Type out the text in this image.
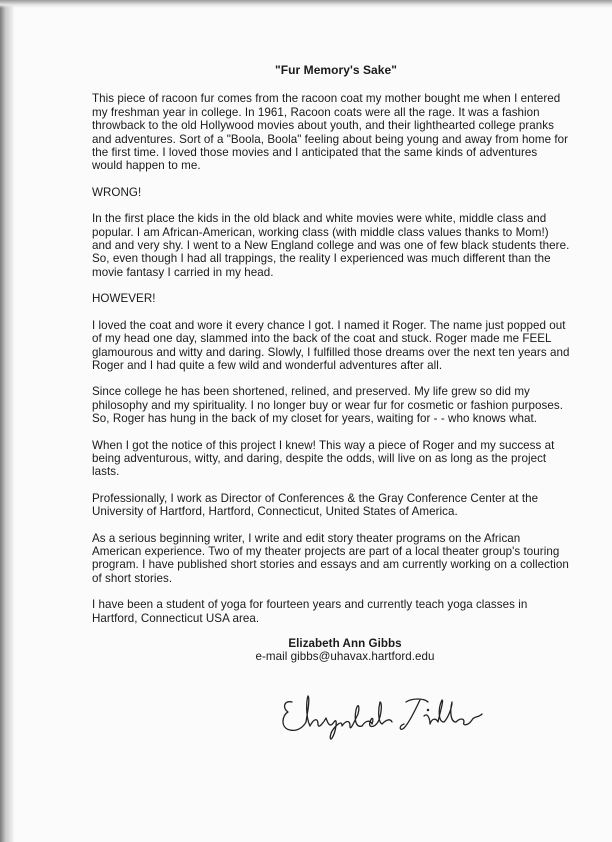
"Fur Memory's Sake"

This piece of racoon fur comes from the racoon coat my mother bought me when I entered my freshman year in college. In 1961, Racoon coats were all the rage. It was a fashion throwback to the old Hollywood movies about youth, and their lighthearted college pranks and adventures. Sort of a "Boola, Boola" feeling about being young and away from home for the first time. I loved those movies and I anticipated that the same kinds of adventures would happen to me.

WRONG!

In the first place the kids in the old black and white movies were white, middle class and popular. I am African-American, working class (with middle class values thanks to Mom!) and and very shy. I went to a New England college and was one of few black students there. So, even though I had all trappings, the reality I experienced was much different than the movie fantasy I carried in my head.

HOWEVER!

I loved the coat and wore it every chance I got. I named it Roger. The name just popped out of my head one day, slammed into the back of the coat and stuck. Roger made me FEEL glamourous and witty and daring. Slowly, I fulfilled those dreams over the next ten years and Roger and I had quite a few wild and wonderful adventures after all.

Since college he has been shortened, relined, and preserved. My life grew so did my philosophy and my spirituality. I no longer buy or wear fur for cosmetic or fashion purposes. So, Roger has hung in the back of my closet for years, waiting for - - who knows what.

When I got the notice of this project I knew! This way a piece of Roger and my success at being adventurous, witty, and daring, despite the odds, will live on as long as the project lasts.

Professionally, I work as Director of Conferences & the Gray Conference Center at the University of Hartford, Hartford, Connecticut, United States of America.

As a serious beginning writer, I write and edit story theater programs on the African American experience. Two of my theater projects are part of a local theater group's touring program. I have published short stories and essays and am currently working on a collection of short stories.

I have been a student of yoga for fourteen years and currently teach yoga classes in Hartford, Connecticut USA area.

Elizabeth Ann Gibbs
e-mail gibbs@uhavax.hartford.edu
